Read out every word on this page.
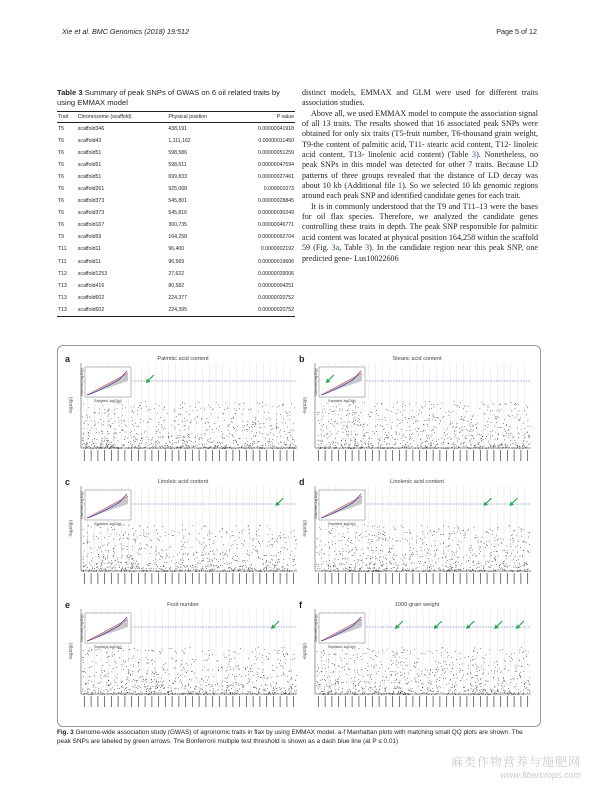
Xie et al. BMC Genomics (2018) 19:512	Page 5 of 12
Table 3 Summary of peak SNPs of GWAS on 6 oil related traits by using EMMAX model
Trait	Chromosome (scaffold)	Physical position	P value
T5	scaffold346	438,191	0.00000041918
T6	scaffold43	1,111,162	0.00000011450
T6	scaffold51	598,586	0.00000051259
T6	scaffold51	598,611	0.00000047594
T6	scaffold51	699,833	0.00000027461
T6	scaffold261	925,068	0.000001073
T6	scaffold373	545,801	0.00000028845
T6	scaffold373	545,816	0.00000030249
T6	scaffold107	300,735	0.00000046771
T9	scaffold59	164,258	0.00000092704
T11	scaffold11	96,400	0.0000002192
T11	scaffold11	96,569	0.00000019606
T12	scaffold1253	27,622	0.00000039006
T13	scaffold416	80,582	0.00000004251
T13	scaffold602	224,377	0.00000020752
T13	scaffold602	224,395	0.00000020752

distinct models, EMMAX and GLM were used for different traits association studies.

Above all, we used EMMAX model to compute the association signal of all 13 traits. The results showed that 16 associated peak SNPs were obtained for only six traits (T5-fruit number, T6-thousand grain weight, T9-the content of palmitic acid, T11- stearic acid content, T12- linoleic acid content, T13- linolenic acid content) (Table 3). Nonetheless, no peak SNPs in this model was detected for other 7 traits. Because LD patterns of three groups revealed that the distance of LD decay was about 10 kb (Additional file 1). So we selected 10 kb genomic regions around each peak SNP and identified candidate genes for each trait.

It is in commonly understood that the T9 and T11–13 were the bases for oil flax species. Therefore, we analyzed the candidate genes controlling these traits in depth. The peak SNP responsible for palmitic acid content was located at physical position 164,258 within the scaffold 59 (Fig. 3a, Table 3). In the candidate region near this peak SNP, one predicted gene- Lus10022606

-log10(p)	Expected -log10(p)
Observed -log10(p)
a	Palmitic acid content
-log10(p)	Expected -log10(p)
Observed -log10(p)
b	Stearic acid content
-log10(p)	Expected -log10(p)
Observed -log10(p)
c	Linoleic acid content
-log10(p)	Expected -log10(p)
Observed -log10(p)
d	Linolenic acid content
-log10(p)	Expected -log10(p)
Observed -log10(p)
e	Fruit number
-log10(p)	Expected -log10(p)
Observed -log10(p)
f	1000-grain weight
Fig. 3 Genome-wide association study (GWAS) of agronomic traits in flax by using EMMAX model. a-f Manhattan plots with matching small QQ plots are shown. The peak SNPs are labeled by green arrows. The Bonferroni multiple test threshold is shown as a dash blue line (at P ≤ 0.01)
麻类作物营养与施肥网
www.fibercrops.com
